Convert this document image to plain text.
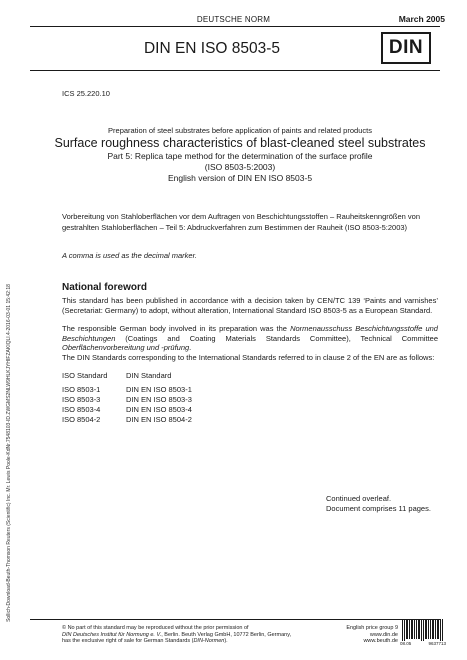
Sollich-Download-Beuth-Thomson Reuters (Scientific) Inc. Mr. Lewis Poole-KdNr.7548103-ID.ZWGMS2NLW9HLKJYHIFZAKIQLI.4-2016-03-01 15:42:18
DEUTSCHE NORM	March 2005
DIN EN ISO 8503-5	DIN
ICS 25.220.10
Preparation of steel substrates before application of paints and related products
Surface roughness characteristics of blast-cleaned steel substrates
Part 5: Replica tape method for the determination of the surface profile
(ISO 8503-5:2003)
English version of DIN EN ISO 8503-5
Vorbereitung von Stahloberflächen vor dem Auftragen von Beschichtungsstoffen – Rauheitskenngrößen von gestrahlten Stahloberflächen – Teil 5: Abdruckverfahren zum Bestimmen der Rauheit (ISO 8503-5:2003)
A comma is used as the decimal marker.
National foreword
This standard has been published in accordance with a decision taken by CEN/TC 139 ‘Paints and varnishes’ (Secretariat: Germany) to adopt, without alteration, International Standard ISO 8503-5 as a European Standard.
The responsible German body involved in its preparation was the Normenausschuss Beschichtungsstoffe und Beschichtungen (Coatings and Coating Materials Standards Committee), Technical Committee Oberflächenvorbereitung und -prüfung.
The DIN Standards corresponding to the International Standards referred to in clause 2 of the EN are as follows:
ISO Standard	DIN Standard
ISO 8503-1	DIN EN ISO 8503-1
ISO 8503-3	DIN EN ISO 8503-3
ISO 8503-4	DIN EN ISO 8503-4
ISO 8504-2	DIN EN ISO 8504-2
Continued overleaf.
Document comprises 11 pages.
© No part of this standard may be reproduced without the prior permission of
DIN Deutsches Institut für Normung e. V., Berlin. Beuth Verlag GmbH, 10772 Berlin, Germany,
has the exclusive right of sale for German Standards (DIN-Normen).
English price group 9
www.din.de
www.beuth.de 08.05	9637713
